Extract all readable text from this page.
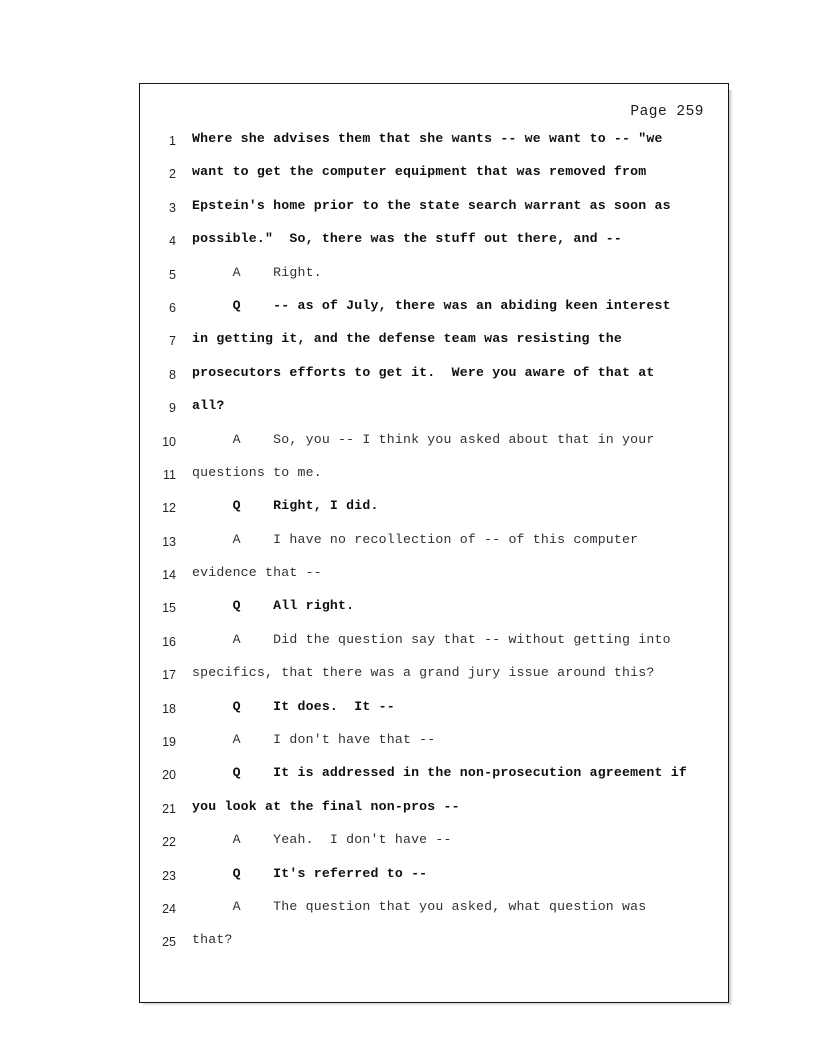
Page 259
1 Where she advises them that she wants -- we want to -- "we
2 want to get the computer equipment that was removed from
3 Epstein's home prior to the state search warrant as soon as
4 possible."  So, there was the stuff out there, and --
5 A    Right.
6 Q    -- as of July, there was an abiding keen interest
7 in getting it, and the defense team was resisting the
8 prosecutors efforts to get it.  Were you aware of that at
9 all?
10 A    So, you -- I think you asked about that in your
11 questions to me.
12 Q    Right, I did.
13 A    I have no recollection of -- of this computer
14 evidence that --
15 Q    All right.
16 A    Did the question say that -- without getting into
17 specifics, that there was a grand jury issue around this?
18 Q    It does.  It --
19 A    I don't have that --
20 Q    It is addressed in the non-prosecution agreement if
21 you look at the final non-pros --
22 A    Yeah.  I don't have --
23 Q    It's referred to --
24 A    The question that you asked, what question was
25 that?
